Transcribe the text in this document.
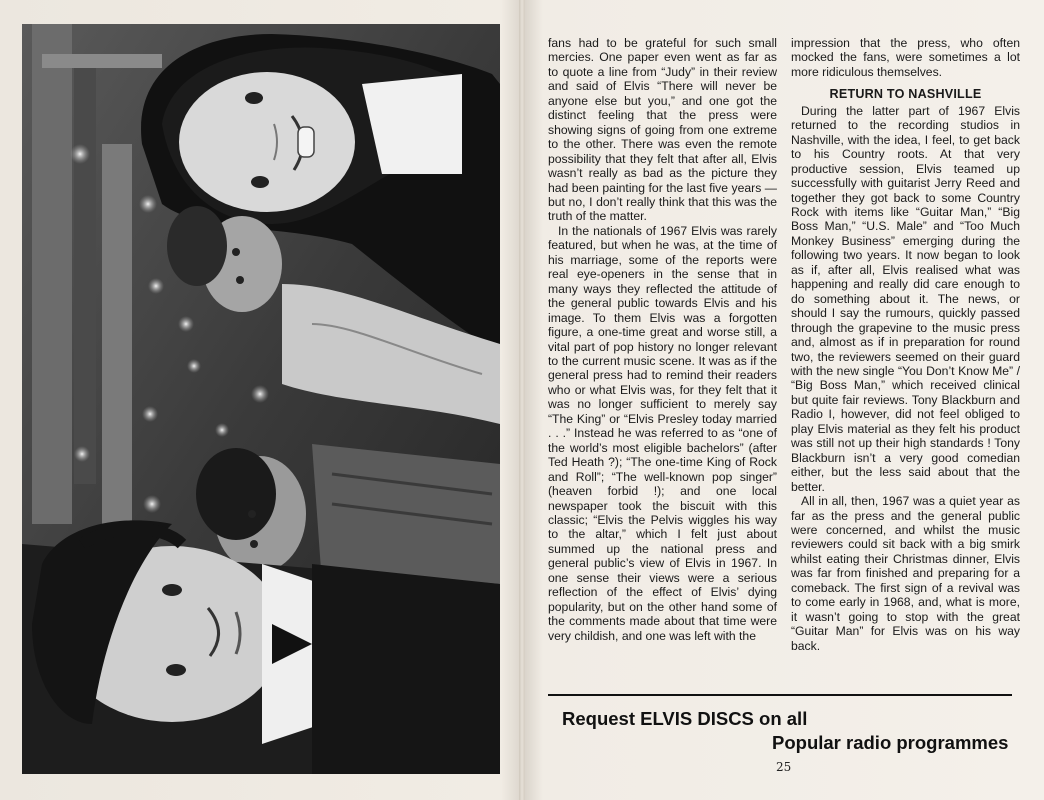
fans had to be grateful for such small mercies. One paper even went as far as to quote a line from “Judy” in their review and said of Elvis “There will never be anyone else but you,” and one got the distinct feeling that the press were showing signs of going from one extreme to the other. There was even the remote possibility that they felt that after all, Elvis wasn’t really as bad as the picture they had been painting for the last five years — but no, I don’t really think that this was the truth of the matter.

In the nationals of 1967 Elvis was rarely featured, but when he was, at the time of his marriage, some of the reports were real eye-openers in the sense that in many ways they reflected the attitude of the general public towards Elvis and his image. To them Elvis was a forgotten figure, a one-time great and worse still, a vital part of pop history no longer relevant to the current music scene. It was as if the general press had to remind their readers who or what Elvis was, for they felt that it was no longer sufficient to merely say “The King” or “Elvis Presley today married . . .” Instead he was referred to as “one of the world’s most eligible bachelors” (after Ted Heath ?); “The one-time King of Rock and Roll”; “The well-known pop singer” (heaven forbid !); and one local newspaper took the biscuit with this classic; “Elvis the Pelvis wiggles his way to the altar,” which I felt just about summed up the national press and general public’s view of Elvis in 1967. In one sense their views were a serious reflection of the effect of Elvis’ dying popularity, but on the other hand some of the comments made about that time were very childish, and one was left with the

impression that the press, who often mocked the fans, were sometimes a lot more ridiculous themselves.

RETURN TO NASHVILLE

During the latter part of 1967 Elvis returned to the recording studios in Nashville, with the idea, I feel, to get back to his Country roots. At that very productive session, Elvis teamed up successfully with guitarist Jerry Reed and together they got back to some Country Rock with items like “Guitar Man,” “Big Boss Man,” “U.S. Male” and “Too Much Monkey Business” emerging during the following two years. It now began to look as if, after all, Elvis realised what was happening and really did care enough to do something about it. The news, or should I say the rumours, quickly passed through the grapevine to the music press and, almost as if in preparation for round two, the reviewers seemed on their guard with the new single “You Don’t Know Me” / “Big Boss Man,” which received clinical but quite fair reviews. Tony Blackburn and Radio I, however, did not feel obliged to play Elvis material as they felt his product was still not up their high standards ! Tony Blackburn isn’t a very good comedian either, but the less said about that the better.

All in all, then, 1967 was a quiet year as far as the press and the general public were concerned, and whilst the music reviewers could sit back with a big smirk whilst eating their Christmas dinner, Elvis was far from finished and preparing for a comeback. The first sign of a revival was to come early in 1968, and, what is more, it wasn’t going to stop with the great “Guitar Man” for Elvis was on his way back.

Request ELVIS DISCS on all
Popular radio programmes
25
